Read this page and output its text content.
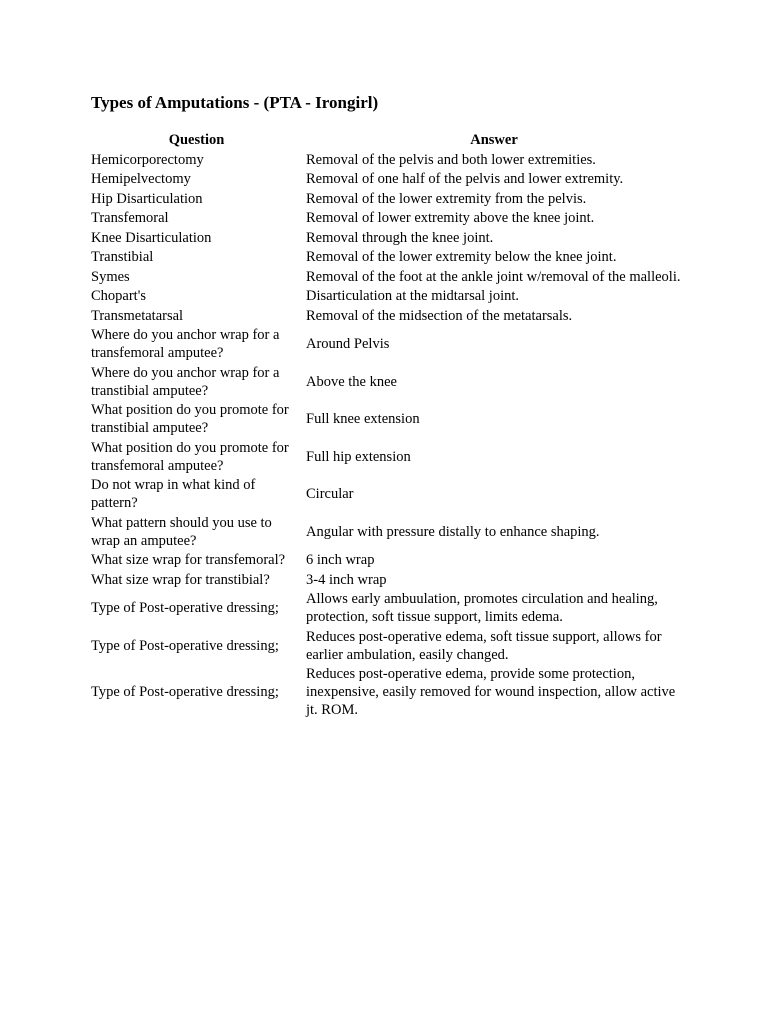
Types of Amputations - (PTA - Irongirl)
Question	Answer
Hemicorporectomy	Removal of the pelvis and both lower extremities.
Hemipelvectomy	Removal of one half of the pelvis and lower extremity.
Hip Disarticulation	Removal of the lower extremity from the pelvis.
Transfemoral	Removal of lower extremity above the knee joint.
Knee Disarticulation	Removal through the knee joint.
Transtibial	Removal of the lower extremity below the knee joint.
Symes	Removal of the foot at the ankle joint w/removal of the malleoli.
Chopart's	Disarticulation at the midtarsal joint.
Transmetatarsal	Removal of the midsection of the metatarsals.
Where do you anchor wrap for a transfemoral amputee?	Around Pelvis
Where do you anchor wrap for a transtibial amputee?	Above the knee
What position do you promote for transtibial amputee?	Full knee extension
What position do you promote for transfemoral amputee?	Full hip extension
Do not wrap in what kind of pattern?	Circular
What pattern should you use to wrap an amputee?	Angular with pressure distally to enhance shaping.
What size wrap for transfemoral?	6 inch wrap
What size wrap for transtibial?	3-4 inch wrap
Type of Post-operative dressing;	Allows early ambuulation, promotes circulation and healing, protection, soft tissue support, limits edema.
Type of Post-operative dressing;	Reduces post-operative edema, soft tissue support, allows for earlier ambulation, easily changed.
Type of Post-operative dressing;	Reduces post-operative edema, provide some protection, inexpensive, easily removed for wound inspection, allow active jt. ROM.
